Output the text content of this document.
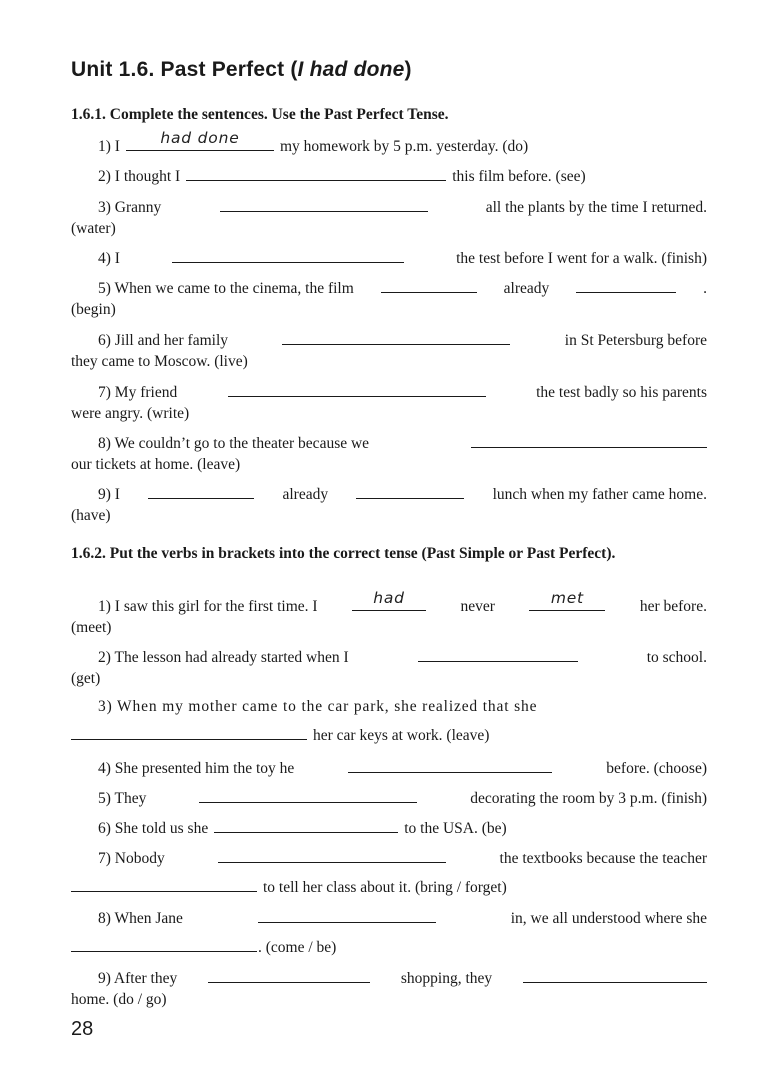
Unit 1.6. Past Perfect (I had done)
1.6.1. Complete the sentences. Use the Past Perfect Tense.
1) I	had done	my homework by 5 p.m. yesterday. (do)
2) I thought I	this film before. (see)
3) Granny	all the plants by the time I returned.
(water)
4) I	the test before I went for a walk. (finish)
5) When we came to the cinema, the film	already	.
(begin)
6) Jill and her family	in St Petersburg before
they came to Moscow. (live)
7) My friend	the test badly so his parents
were angry. (write)
8) We couldn’t go to the theater because we
our tickets at home. (leave)
9) I	already	lunch when my father came home.
(have)
1.6.2. Put the verbs in brackets into the correct tense (Past Simple or Past Perfect).
1) I saw this girl for the first time. I	had	never	met	her before.
(meet)
2) The lesson had already started when I	to school.
(get)
3) When my mother came to the car park, she realized that she
her car keys at work. (leave)
4) She presented him the toy he	before. (choose)
5) They	decorating the room by 3 p.m. (finish)
6) She told us she	to the USA. (be)
7) Nobody	the textbooks because the teacher
to tell her class about it. (bring / forget)
8) When Jane	in, we all understood where she
. (come / be)
9) After they	shopping, they
home. (do / go)
28
